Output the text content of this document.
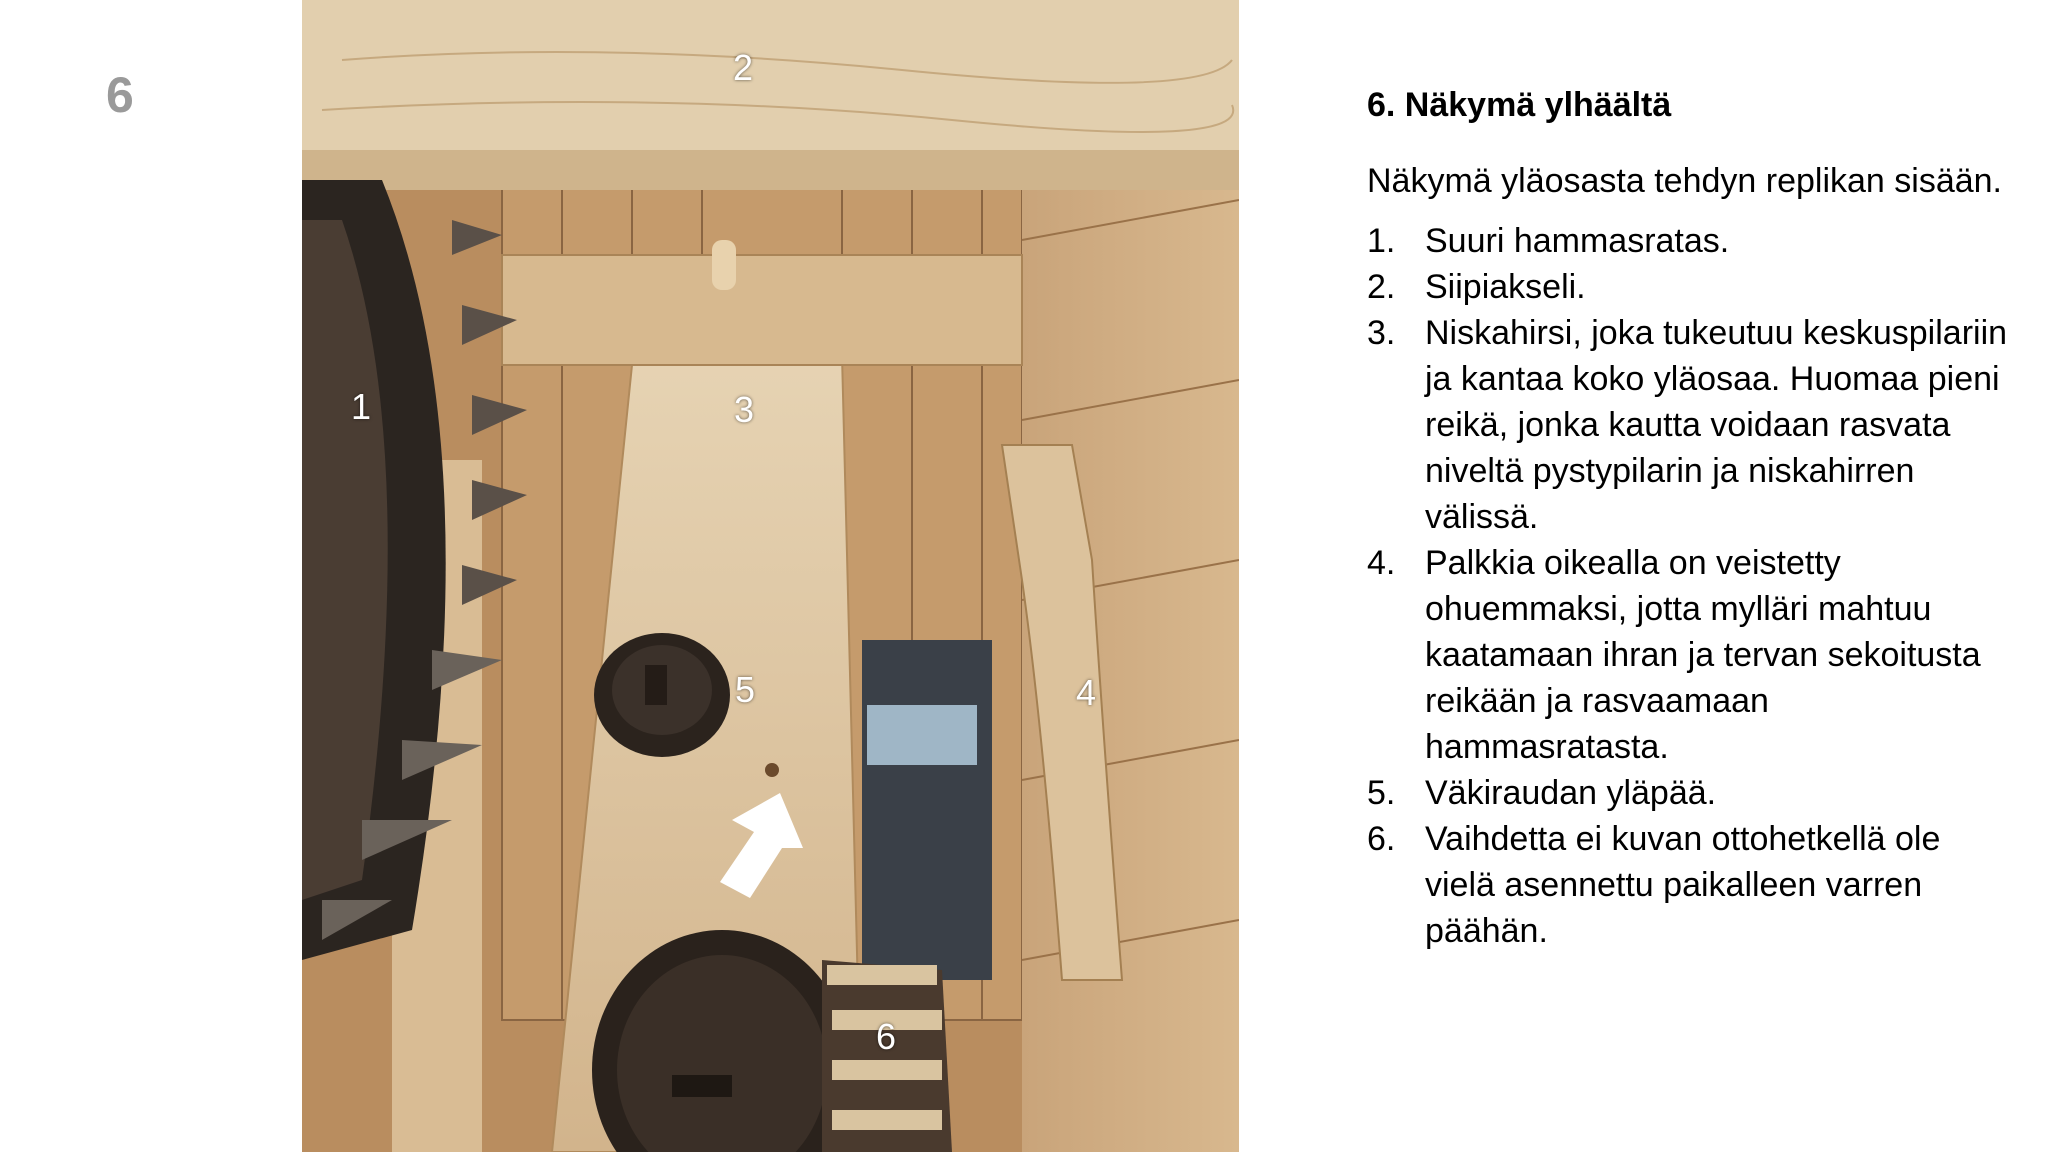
6	2
1	3
5	4
6
6. Näkymä ylhäältä

Näkymä yläosasta tehdyn replikan sisään.

1. Suuri hammasratas.
2. Siipiakseli.
3. Niskahirsi, joka tukeutuu keskuspilariin ja kantaa koko yläosaa. Huomaa pieni reikä, jonka kautta voidaan rasvata niveltä pystypilarin ja niskahirren välissä.
4. Palkkia oikealla on veistetty ohuemmaksi, jotta mylläri mahtuu kaatamaan ihran ja tervan sekoitusta reikään ja rasvaamaan hammasratasta.
5. Väkiraudan yläpää.
6. Vaihdetta ei kuvan ottohetkellä ole vielä asennettu paikalleen varren päähän.
